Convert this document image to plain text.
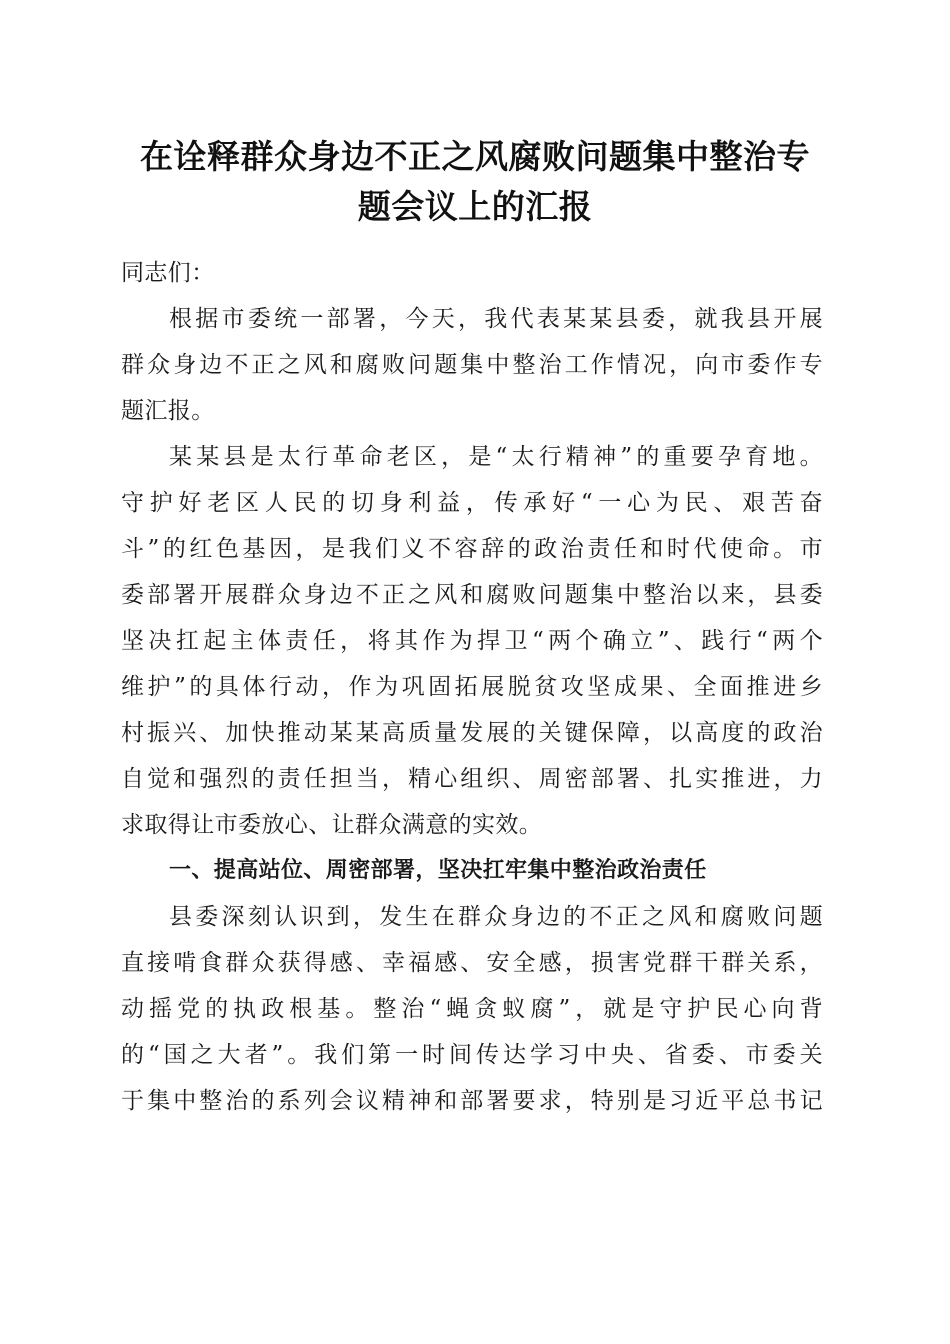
在诠释群众身边不正之风腐败问题集中整治专
题会议上的汇报
同志们：
根据市委统一部署，今天，我代表某某县委，就我县开展
群众身边不正之风和腐败问题集中整治工作情况，向市委作专
题汇报。
某某县是太行革命老区，是“太行精神”的重要孕育地。
守护好老区人民的切身利益，传承好“一心为民、艰苦奋
斗”的红色基因，是我们义不容辞的政治责任和时代使命。市
委部署开展群众身边不正之风和腐败问题集中整治以来，县委
坚决扛起主体责任，将其作为捍卫“两个确立”、践行“两个
维护”的具体行动，作为巩固拓展脱贫攻坚成果、全面推进乡
村振兴、加快推动某某高质量发展的关键保障，以高度的政治
自觉和强烈的责任担当，精心组织、周密部署、扎实推进，力
求取得让市委放心、让群众满意的实效。
一、提高站位、周密部署，坚决扛牢集中整治政治责任
县委深刻认识到，发生在群众身边的不正之风和腐败问题
直接啃食群众获得感、幸福感、安全感，损害党群干群关系，
动摇党的执政根基。整治“蝇贪蚁腐”，就是守护民心向背
的“国之大者”。我们第一时间传达学习中央、省委、市委关
于集中整治的系列会议精神和部署要求，特别是习近平总书记
